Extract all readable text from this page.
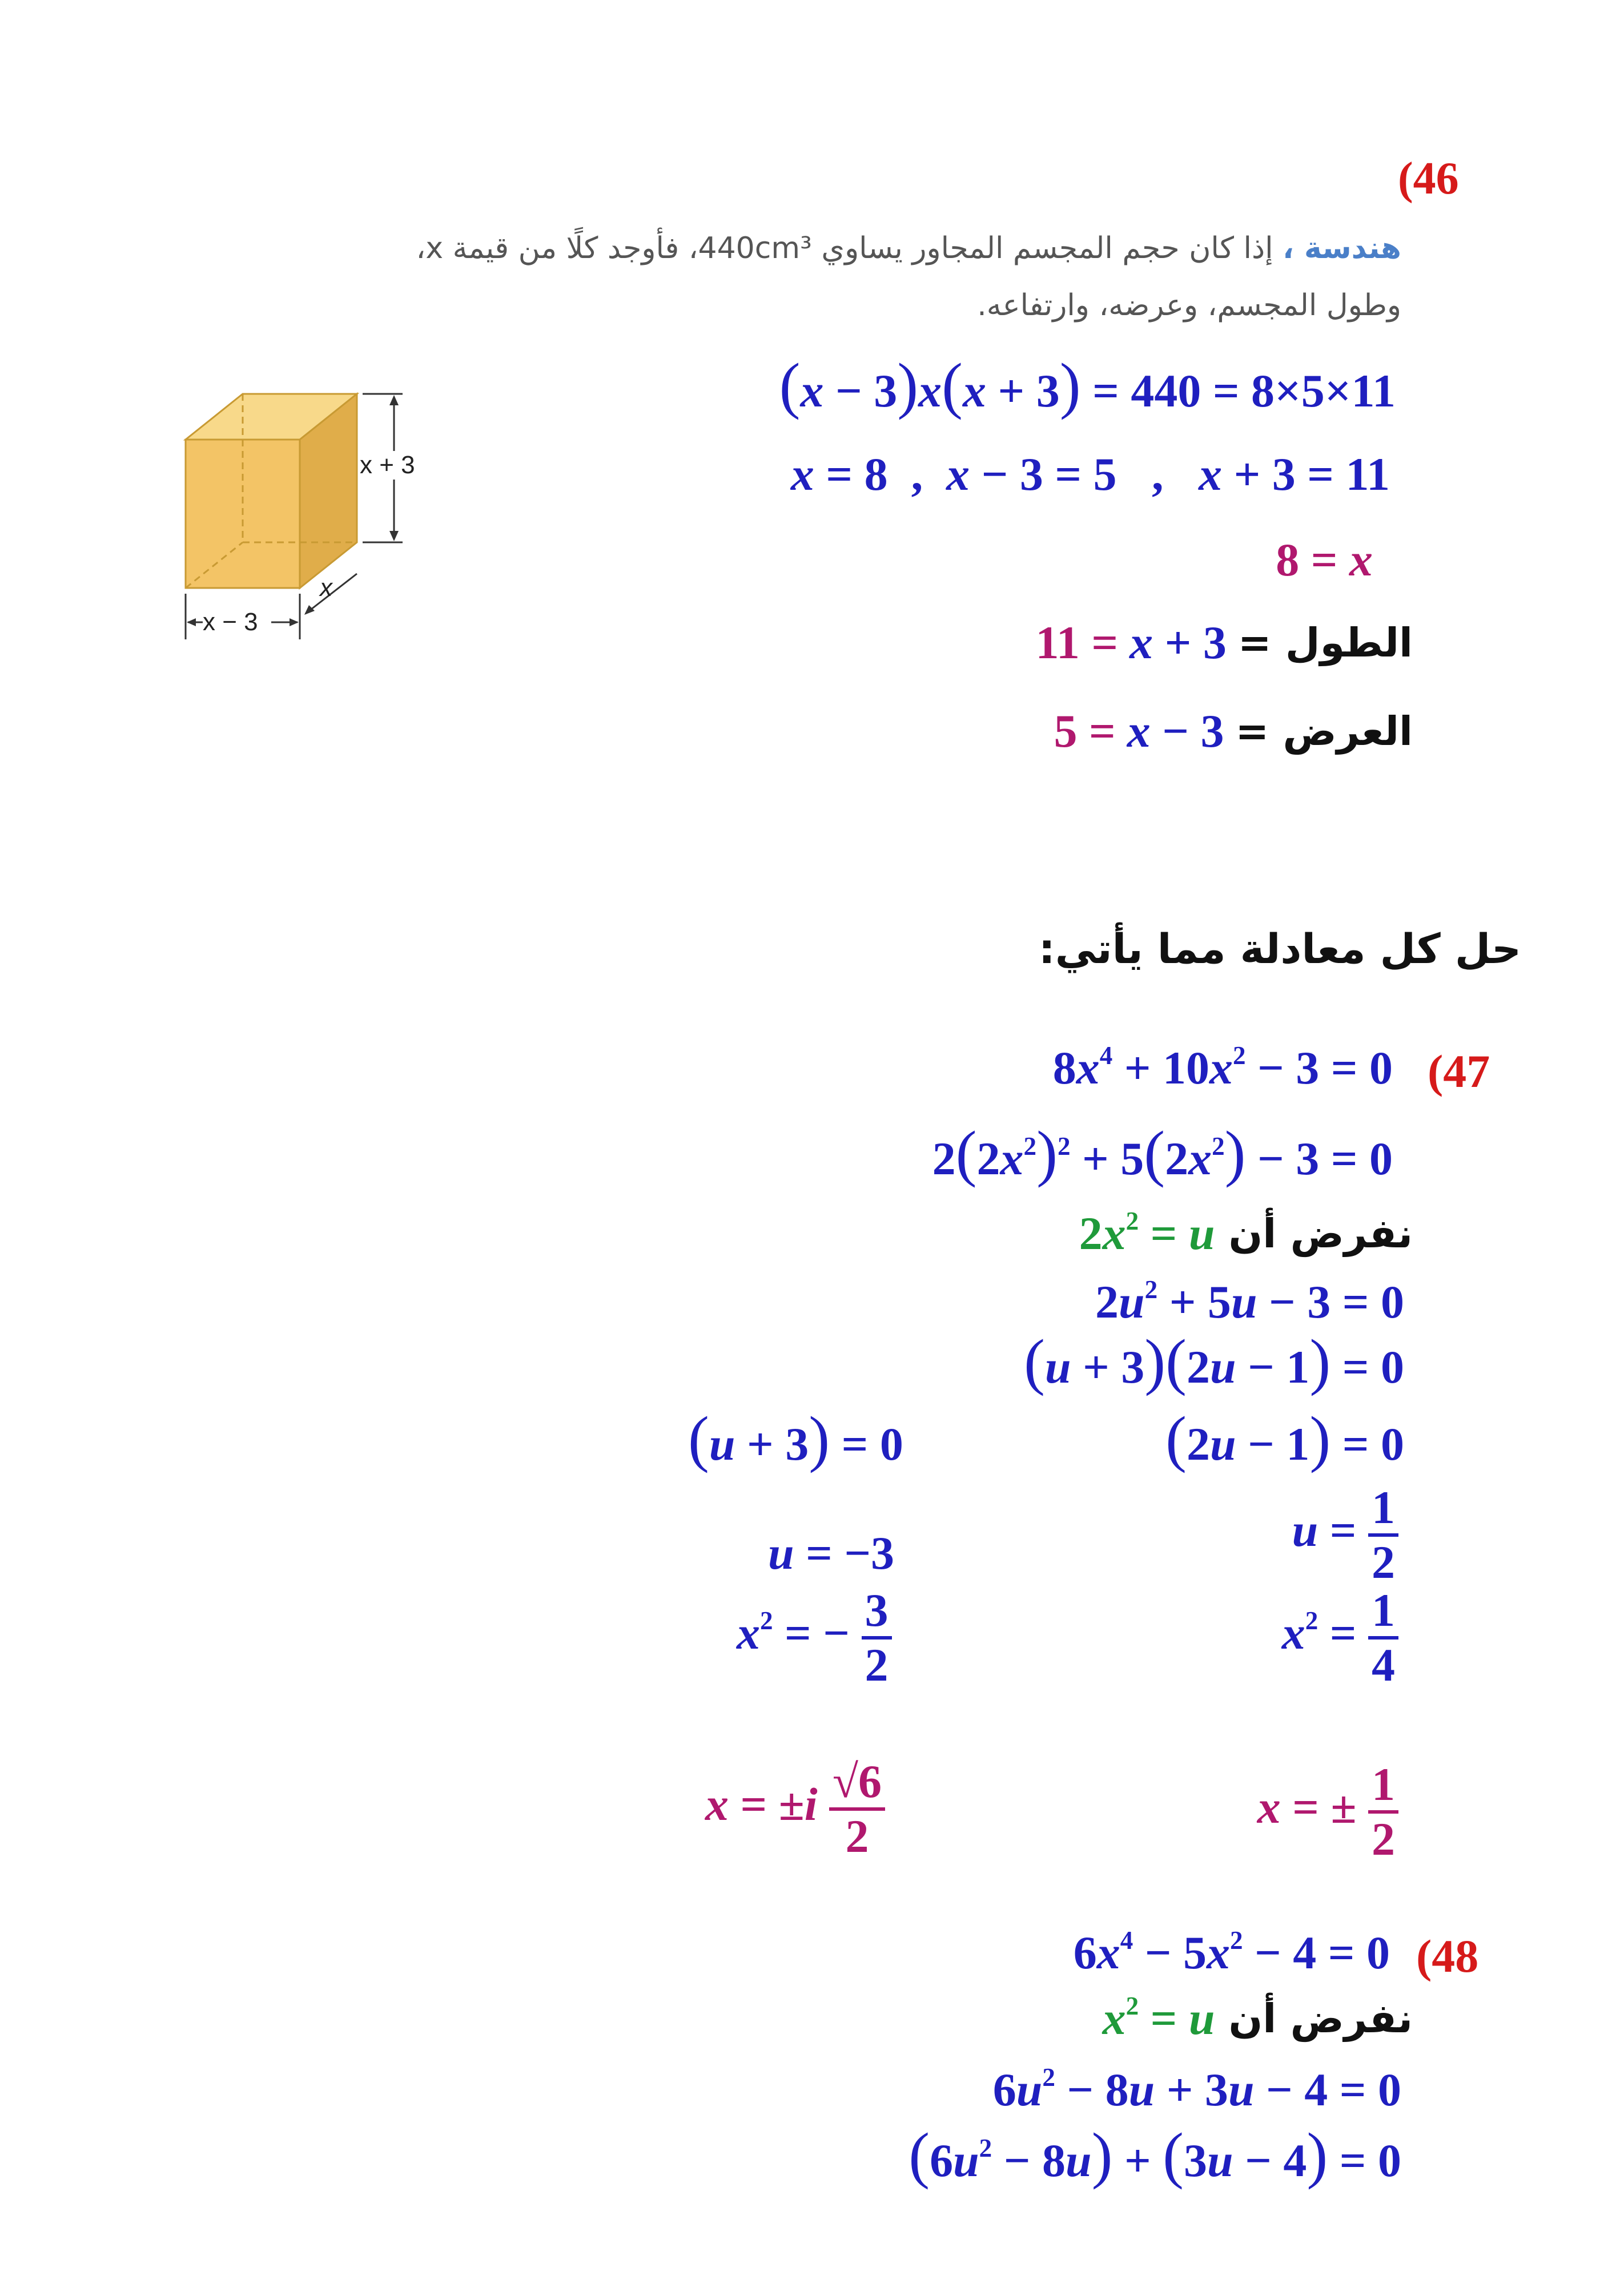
(46
هندسة ، إذا كان حجم المجسم المجاور يساوي 440cm³، فأوجد كلًا من قيمة x،
وطول المجسم، وعرضه، وارتفاعه.
x + 3
x
x − 3
(x − 3)x(x + 3) = 440 = 8×5×11
x = 8  ,  x − 3 = 5   ,   x + 3 = 11
8 = x
11 = x + 3 الطول =
5 = x − 3 العرض =
حل كل معادلة مما يأتي:
(47
$8x^4 + 10x^2 - 3 = 0$
$2(2x^2)^2 + 5(2x^2) - 3 = 0$
$2x^2 = u$ نفرض أن
$2u^2 + 5u - 3 = 0$
(u + 3)(2u − 1) = 0
(2u − 1) = 0
$u = \frac{1}{2}$
$x^2 = \frac{1}{4}$
x = ± $\frac{1}{2}$
(u + 3) = 0
u = −3
$x^2$ = − $\frac{3}{2}$
$x = \pm i \frac{√6}{2}$
(48
$6x^4 - 5x^2 - 4 = 0$
$x^2 = u$ نفرض أن
$6u^2 - 8u + 3u - 4 = 0$
$(6u^2 - 8u) + (3u - 4) = 0$
